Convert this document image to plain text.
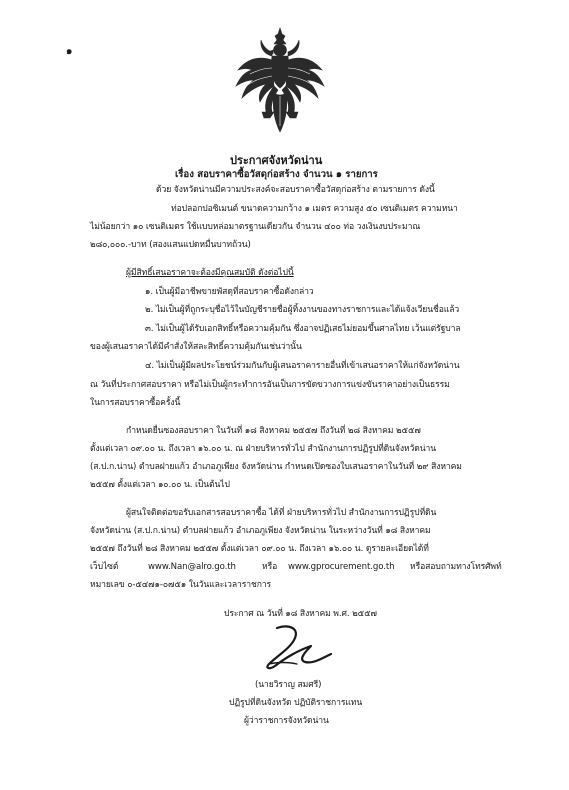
๑
ประกาศจังหวัดน่าน
เรื่อง สอบราคาซื้อวัสดุก่อสร้าง จำนวน ๑ รายการ
ด้วย จังหวัดน่านมีความประสงค์จะสอบราคาซื้อวัสดุก่อสร้าง ตามรายการ ดังนี้
ท่อปลอกปอซิเมนต์ ขนาดความกว้าง ๑ เมตร ความสูง ๕๐ เซนติเมตร ความหนา
ไม่น้อยกว่า ๑๐ เซนติเมตร ใช้แบบหล่อมาตรฐานเดียวกัน จำนวน ๔๐๐ ท่อ วงเงินงบประมาณ
๒๘๐,๐๐๐.-บาท (สองแสนแปดหมื่นบาทถ้วน)
ผู้มีสิทธิ์เสนอราคาจะต้องมีคุณสมบัติ ดังต่อไปนี้
๑. เป็นผู้มีอาชีพขายพัสดุที่สอบราคาซื้อดังกล่าว
๒. ไม่เป็นผู้ที่ถูกระบุชื่อไว้ในบัญชีรายชื่อผู้ทิ้งงานของทางราชการและได้แจ้งเวียนชื่อแล้ว
๓. ไม่เป็นผู้ได้รับเอกสิทธิ์หรือความคุ้มกัน ซึ่งอาจปฏิเสธไม่ยอมขึ้นศาลไทย เว้นแต่รัฐบาล
ของผู้เสนอราคาได้มีคำสั่งให้สละสิทธิ์ความคุ้มกันเช่นว่านั้น
๔. ไม่เป็นผู้มีผลประโยชน์ร่วมกันกับผู้เสนอราคารายอื่นที่เข้าเสนอราคาให้แก่จังหวัดน่าน
ณ วันที่ประกาศสอบราคา หรือไม่เป็นผู้กระทำการอันเป็นการขัดขวางการแข่งขันราคาอย่างเป็นธรรม
ในการสอบราคาซื้อครั้งนี้
กำหนดยื่นซองสอบราคา ในวันที่ ๑๘ สิงหาคม ๒๕๕๗ ถึงวันที่ ๒๘ สิงหาคม ๒๕๕๗
ตั้งแต่เวลา ๐๙.๐๐ น. ถึงเวลา ๑๖.๐๐ น. ณ ฝ่ายบริหารทั่วไป สำนักงานการปฏิรูปที่ดินจังหวัดน่าน
(ส.ป.ก.น่าน) ตำบลฝายแก้ว อำเภอภูเพียง จังหวัดน่าน กำหนดเปิดซองใบเสนอราคาในวันที่ ๒๙ สิงหาคม
๒๕๕๗ ตั้งแต่เวลา ๑๐.๐๐ น. เป็นต้นไป
ผู้สนใจติดต่อขอรับเอกสารสอบราคาซื้อ ได้ที่ ฝ่ายบริหารทั่วไป สำนักงานการปฏิรูปที่ดิน
จังหวัดน่าน (ส.ป.ก.น่าน) ตำบลฝายแก้ว อำเภอภูเพียง จังหวัดน่าน ในระหว่างวันที่ ๑๘ สิงหาคม
๒๕๕๗ ถึงวันที่ ๒๘ สิงหาคม ๒๕๕๗ ตั้งแต่เวลา ๐๙.๐๐ น. ถึงเวลา ๑๖.๐๐ น. ดูรายละเอียดได้ที่
เว็บไซต์	www.Nan@alro.go.th	หรือ www.gprocurement.go.th หรือสอบถามทางโทรศัพท์
หมายเลข ๐-๕๔๗๑-๐๗๕๑ ในวันและเวลาราชการ
ประกาศ ณ วันที่ ๑๘ สิงหาคม พ.ศ. ๒๕๕๗
(นายวิราญ สมศรี)
ปฏิรูปที่ดินจังหวัด ปฏิบัติราชการแทน
ผู้ว่าราชการจังหวัดน่าน
